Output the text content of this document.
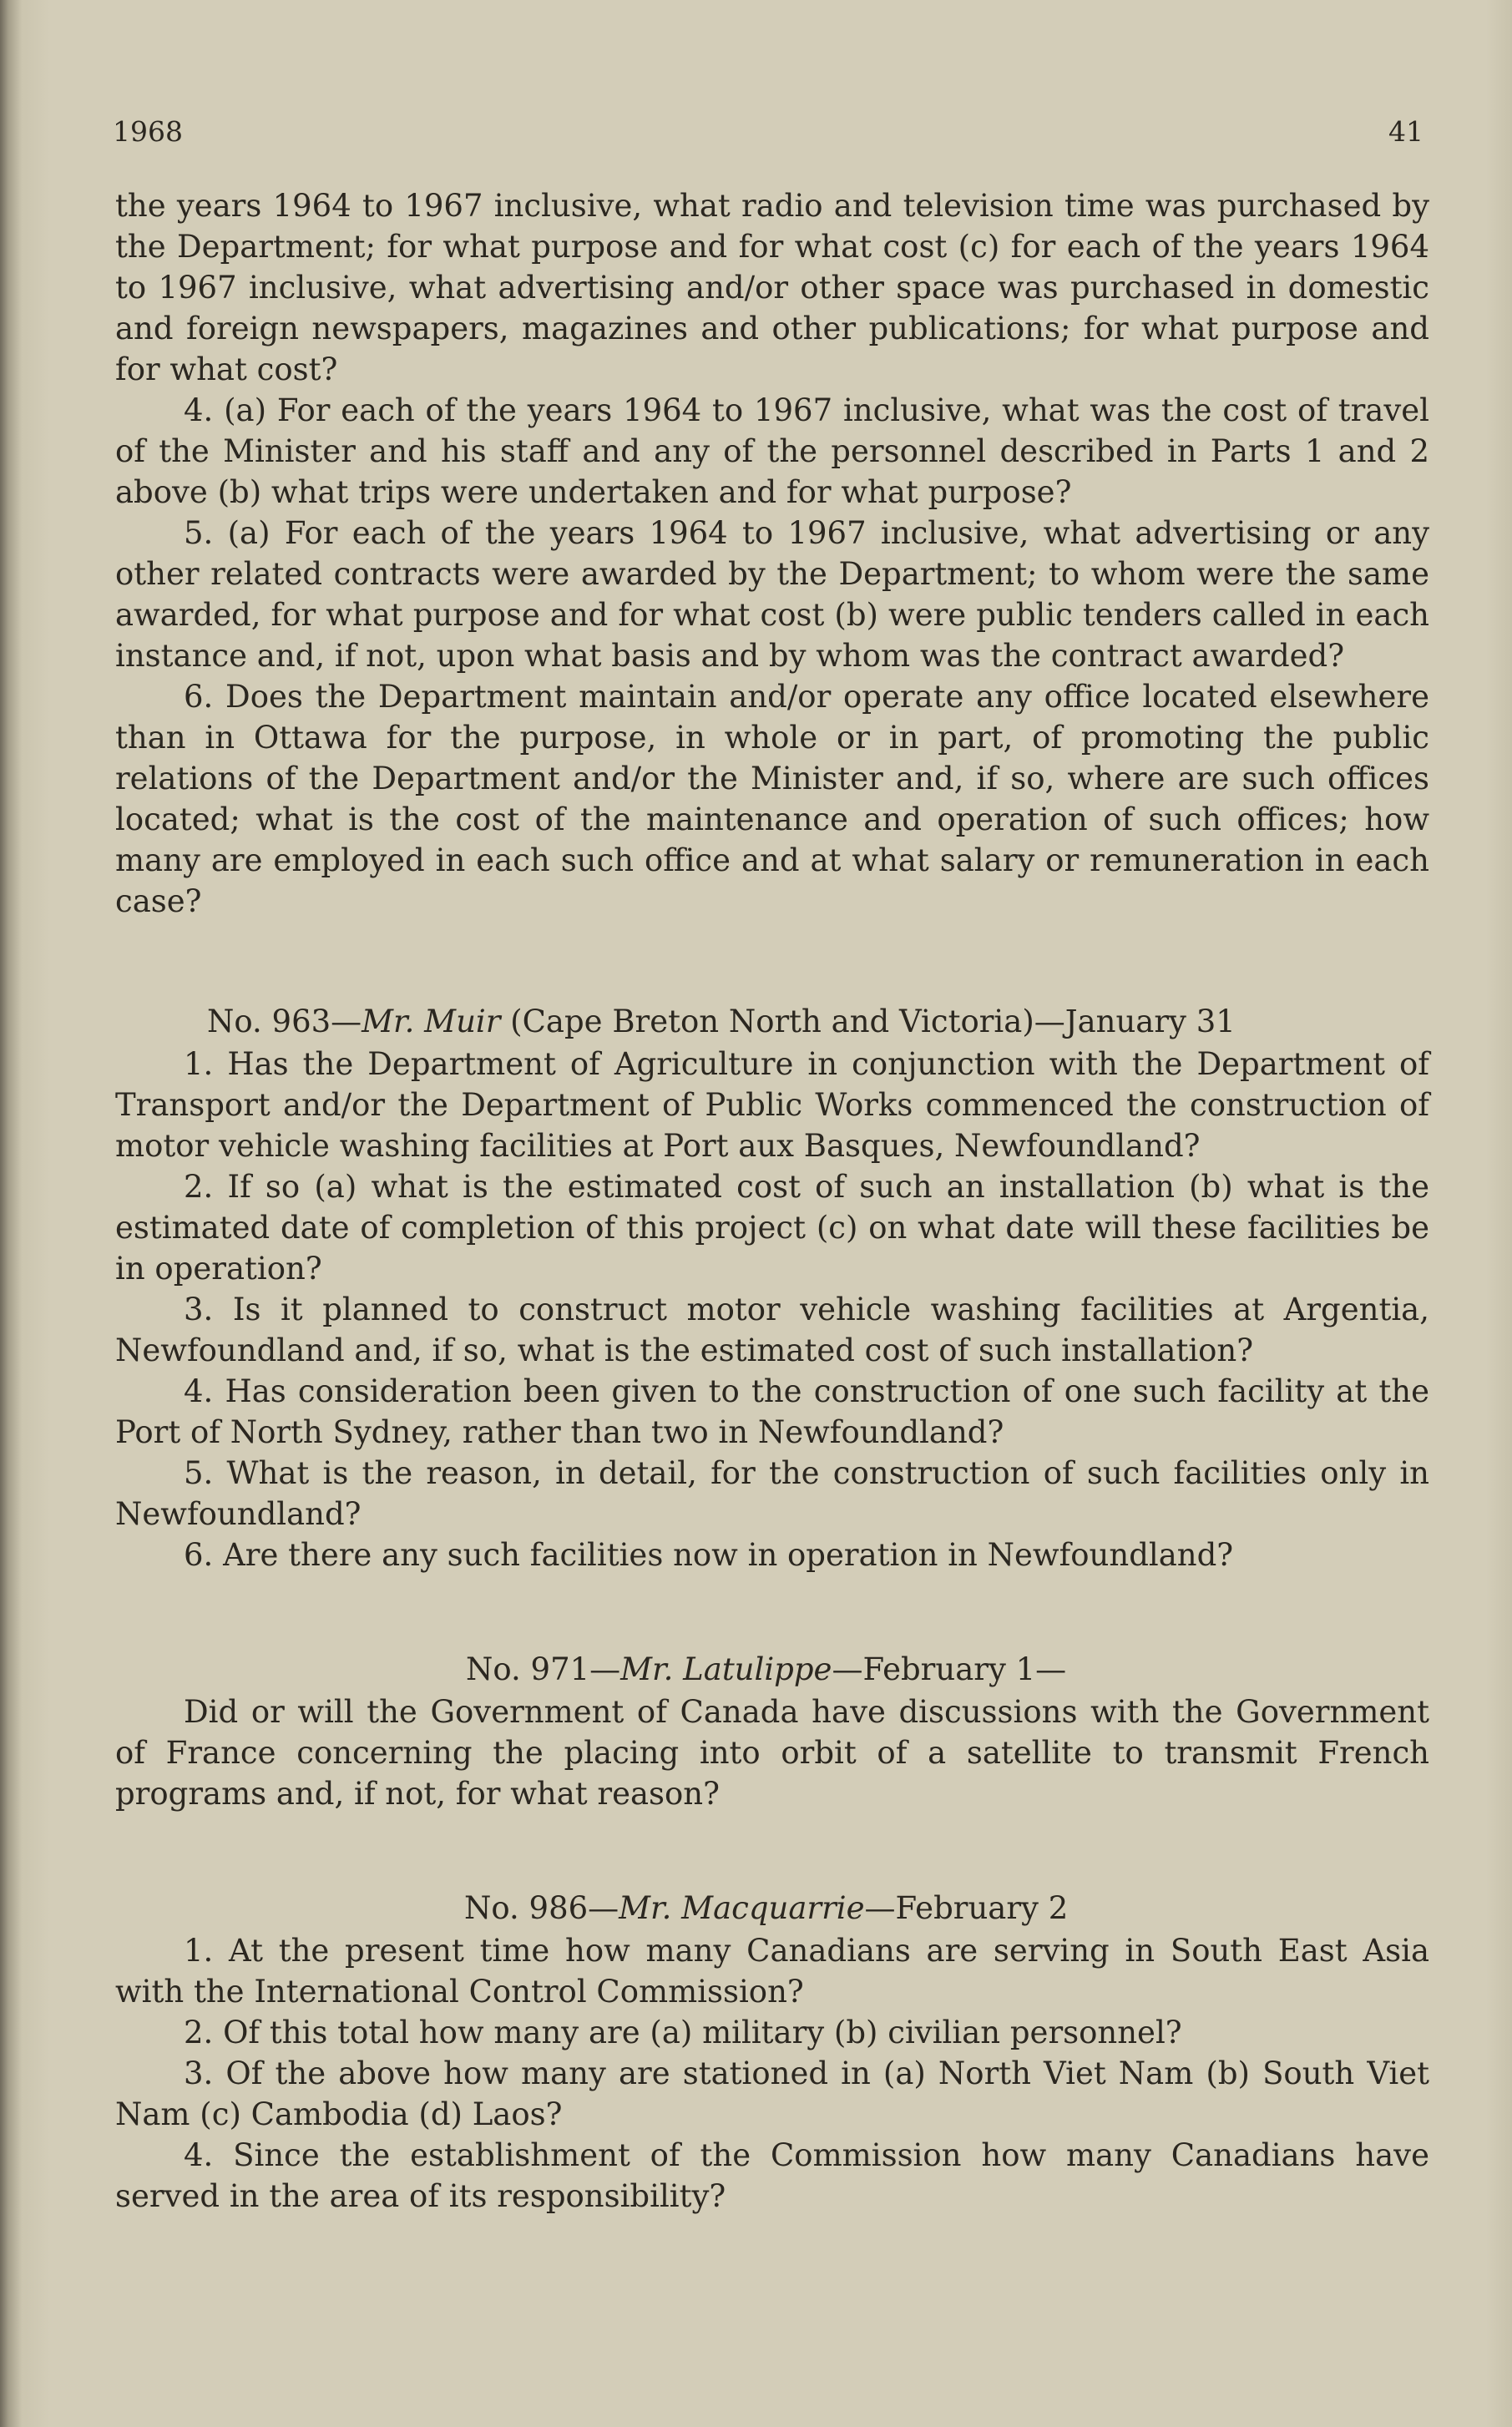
1968	41

the years 1964 to 1967 inclusive, what radio and television time was purchased by the Department; for what purpose and for what cost (c) for each of the years 1964 to 1967 inclusive, what advertising and/or other space was purchased in domestic and foreign newspapers, magazines and other publications; for what purpose and for what cost?

4. (a) For each of the years 1964 to 1967 inclusive, what was the cost of travel of the Minister and his staff and any of the personnel described in Parts 1 and 2 above (b) what trips were undertaken and for what purpose?

5. (a) For each of the years 1964 to 1967 inclusive, what advertising or any other related contracts were awarded by the Department; to whom were the same awarded, for what purpose and for what cost (b) were public tenders called in each instance and, if not, upon what basis and by whom was the contract awarded?

6. Does the Department maintain and/or operate any office located elsewhere than in Ottawa for the purpose, in whole or in part, of promoting the public relations of the Department and/or the Minister and, if so, where are such offices located; what is the cost of the maintenance and operation of such offices; how many are employed in each such office and at what salary or remuneration in each case?

No. 963—Mr. Muir (Cape Breton North and Victoria)—January 31

1. Has the Department of Agriculture in conjunction with the Department of Transport and/or the Department of Public Works commenced the construction of motor vehicle washing facilities at Port aux Basques, Newfoundland?

2. If so (a) what is the estimated cost of such an installation (b) what is the estimated date of completion of this project (c) on what date will these facilities be in operation?

3. Is it planned to construct motor vehicle washing facilities at Argentia, Newfoundland and, if so, what is the estimated cost of such installation?

4. Has consideration been given to the construction of one such facility at the Port of North Sydney, rather than two in Newfoundland?

5. What is the reason, in detail, for the construction of such facilities only in Newfoundland?

6. Are there any such facilities now in operation in Newfoundland?

No. 971—Mr. Latulippe—February 1—

Did or will the Government of Canada have discussions with the Government of France concerning the placing into orbit of a satellite to transmit French programs and, if not, for what reason?

No. 986—Mr. Macquarrie—February 2

1. At the present time how many Canadians are serving in South East Asia with the International Control Commission?

2. Of this total how many are (a) military (b) civilian personnel?

3. Of the above how many are stationed in (a) North Viet Nam (b) South Viet Nam (c) Cambodia (d) Laos?

4. Since the establishment of the Commission how many Canadians have served in the area of its responsibility?
